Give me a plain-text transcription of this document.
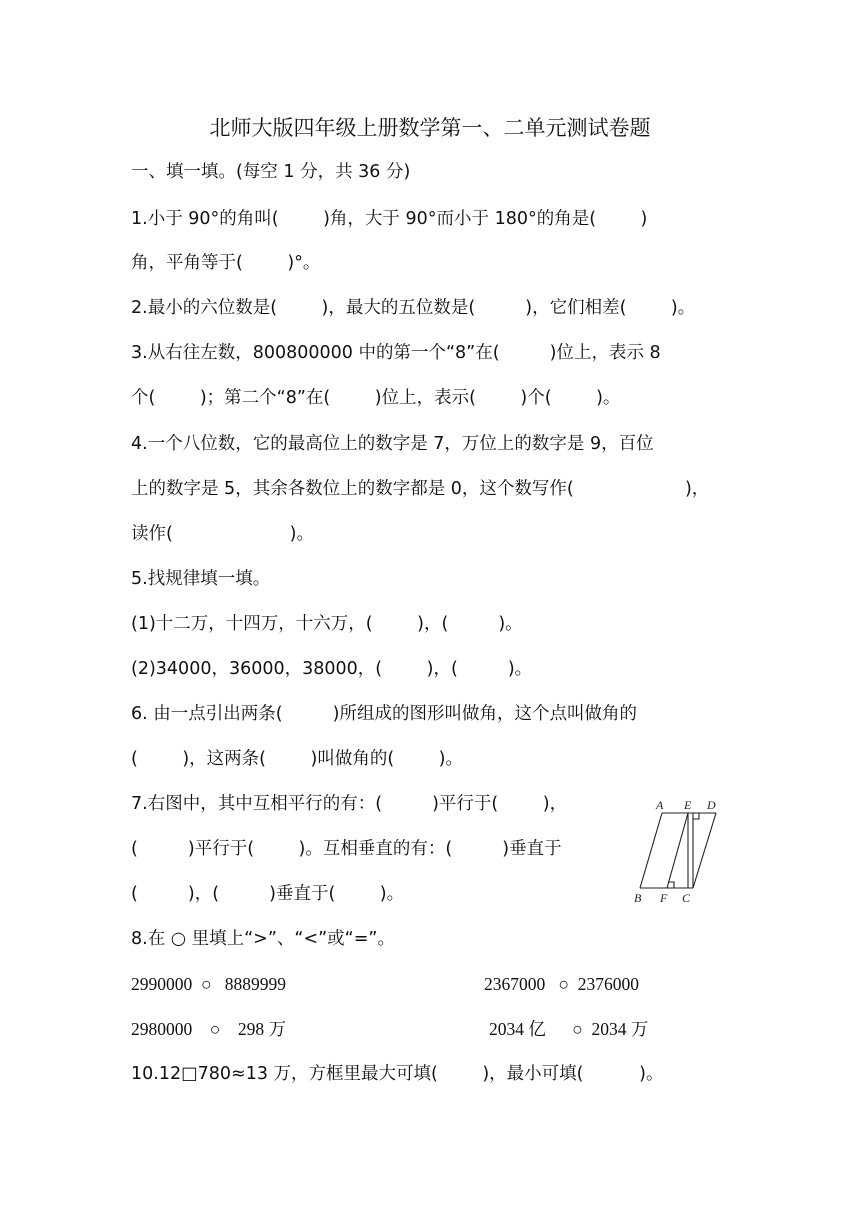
北师大版四年级上册数学第一、二单元测试卷题
一、填一填。(每空 1 分，共 36 分)
1.小于 90°的角叫(        )角，大于 90°而小于 180°的角是(        )
角，平角等于(        )°。
2.最小的六位数是(        )，最大的五位数是(         )，它们相差(        )。
3.从右往左数，800800000 中的第一个“8”在(         )位上，表示 8
个(        )；第二个“8”在(        )位上，表示(        )个(        )。
4.一个八位数，它的最高位上的数字是 7，万位上的数字是 9，百位
上的数字是 5，其余各数位上的数字都是 0，这个数写作(                    )，
读作(                     )。
5.找规律填一填。
(1)十二万，十四万，十六万，(        )，(         )。
(2)34000，36000，38000，(        )，(         )。
6. 由一点引出两条(         )所组成的图形叫做角，这个点叫做角的
(        )，这两条(        )叫做角的(        )。
7.右图中，其中互相平行的有：(         )平行于(        )，
(         )平行于(        )。互相垂直的有：(         )垂直于
(         )，(         )垂直于(        )。
A E D
B F C
8.在 ○ 里填上“>”、“<”或“=”。
2990000  ○   8889999	2367000   ○  2376000
2980000    ○    298 万	2034 亿      ○  2034 万
10.12□780≈13 万，方框里最大可填(        )，最小可填(          )。
